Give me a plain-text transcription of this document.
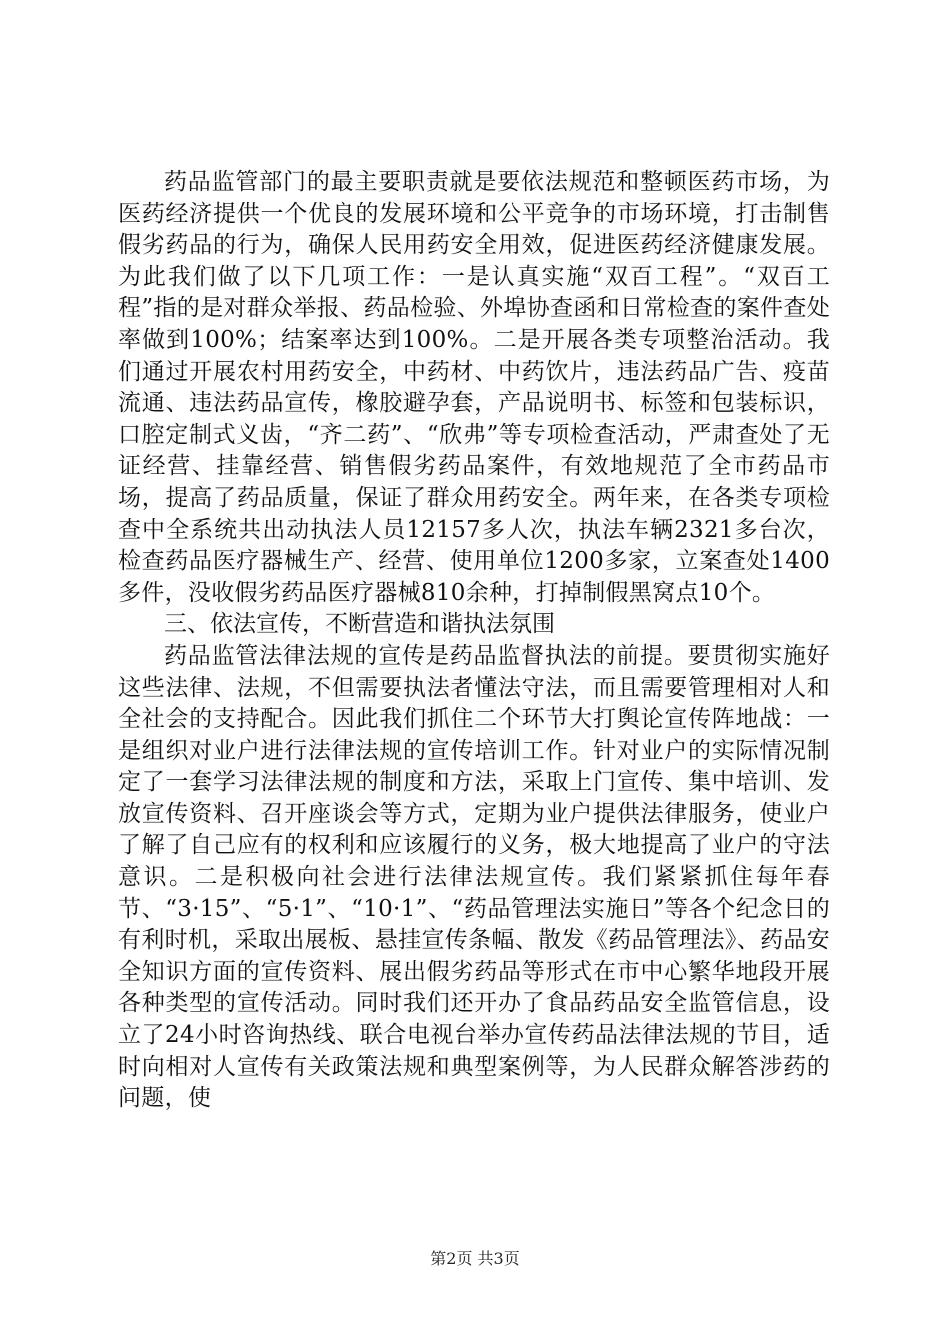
药品监管部门的最主要职责就是要依法规范和整顿医药市场，为医药经济提供一个优良的发展环境和公平竞争的市场环境，打击制售假劣药品的行为，确保人民用药安全用效，促进医药经济健康发展。为此我们做了以下几项工作：一是认真实施“双百工程”。“双百工程”指的是对群众举报、药品检验、外埠协查函和日常检查的案件查处率做到100%；结案率达到100%。二是开展各类专项整治活动。我们通过开展农村用药安全，中药材、中药饮片，违法药品广告、疫苗流通、违法药品宣传，橡胶避孕套，产品说明书、标签和包装标识，口腔定制式义齿，“齐二药”、“欣弗”等专项检查活动，严肃查处了无证经营、挂靠经营、销售假劣药品案件，有效地规范了全市药品市场，提高了药品质量，保证了群众用药安全。两年来，在各类专项检查中全系统共出动执法人员12157多人次，执法车辆2321多台次，检查药品医疗器械生产、经营、使用单位1200多家，立案查处1400多件，没收假劣药品医疗器械810余种，打掉制假黑窝点10个。

三、依法宣传，不断营造和谐执法氛围

药品监管法律法规的宣传是药品监督执法的前提。要贯彻实施好这些法律、法规，不但需要执法者懂法守法，而且需要管理相对人和全社会的支持配合。因此我们抓住二个环节大打舆论宣传阵地战：一是组织对业户进行法律法规的宣传培训工作。针对业户的实际情况制定了一套学习法律法规的制度和方法，采取上门宣传、集中培训、发放宣传资料、召开座谈会等方式，定期为业户提供法律服务，使业户了解了自己应有的权利和应该履行的义务，极大地提高了业户的守法意识。二是积极向社会进行法律法规宣传。我们紧紧抓住每年春节、“3·15”、“5·1”、“10·1”、“药品管理法实施日”等各个纪念日的有利时机，采取出展板、悬挂宣传条幅、散发《药品管理法》、药品安全知识方面的宣传资料、展出假劣药品等形式在市中心繁华地段开展各种类型的宣传活动。同时我们还开办了食品药品安全监管信息，设立了24小时咨询热线、联合电视台举办宣传药品法律法规的节目，适时向相对人宣传有关政策法规和典型案例等，为人民群众解答涉药的问题，使

第2页 共3页
